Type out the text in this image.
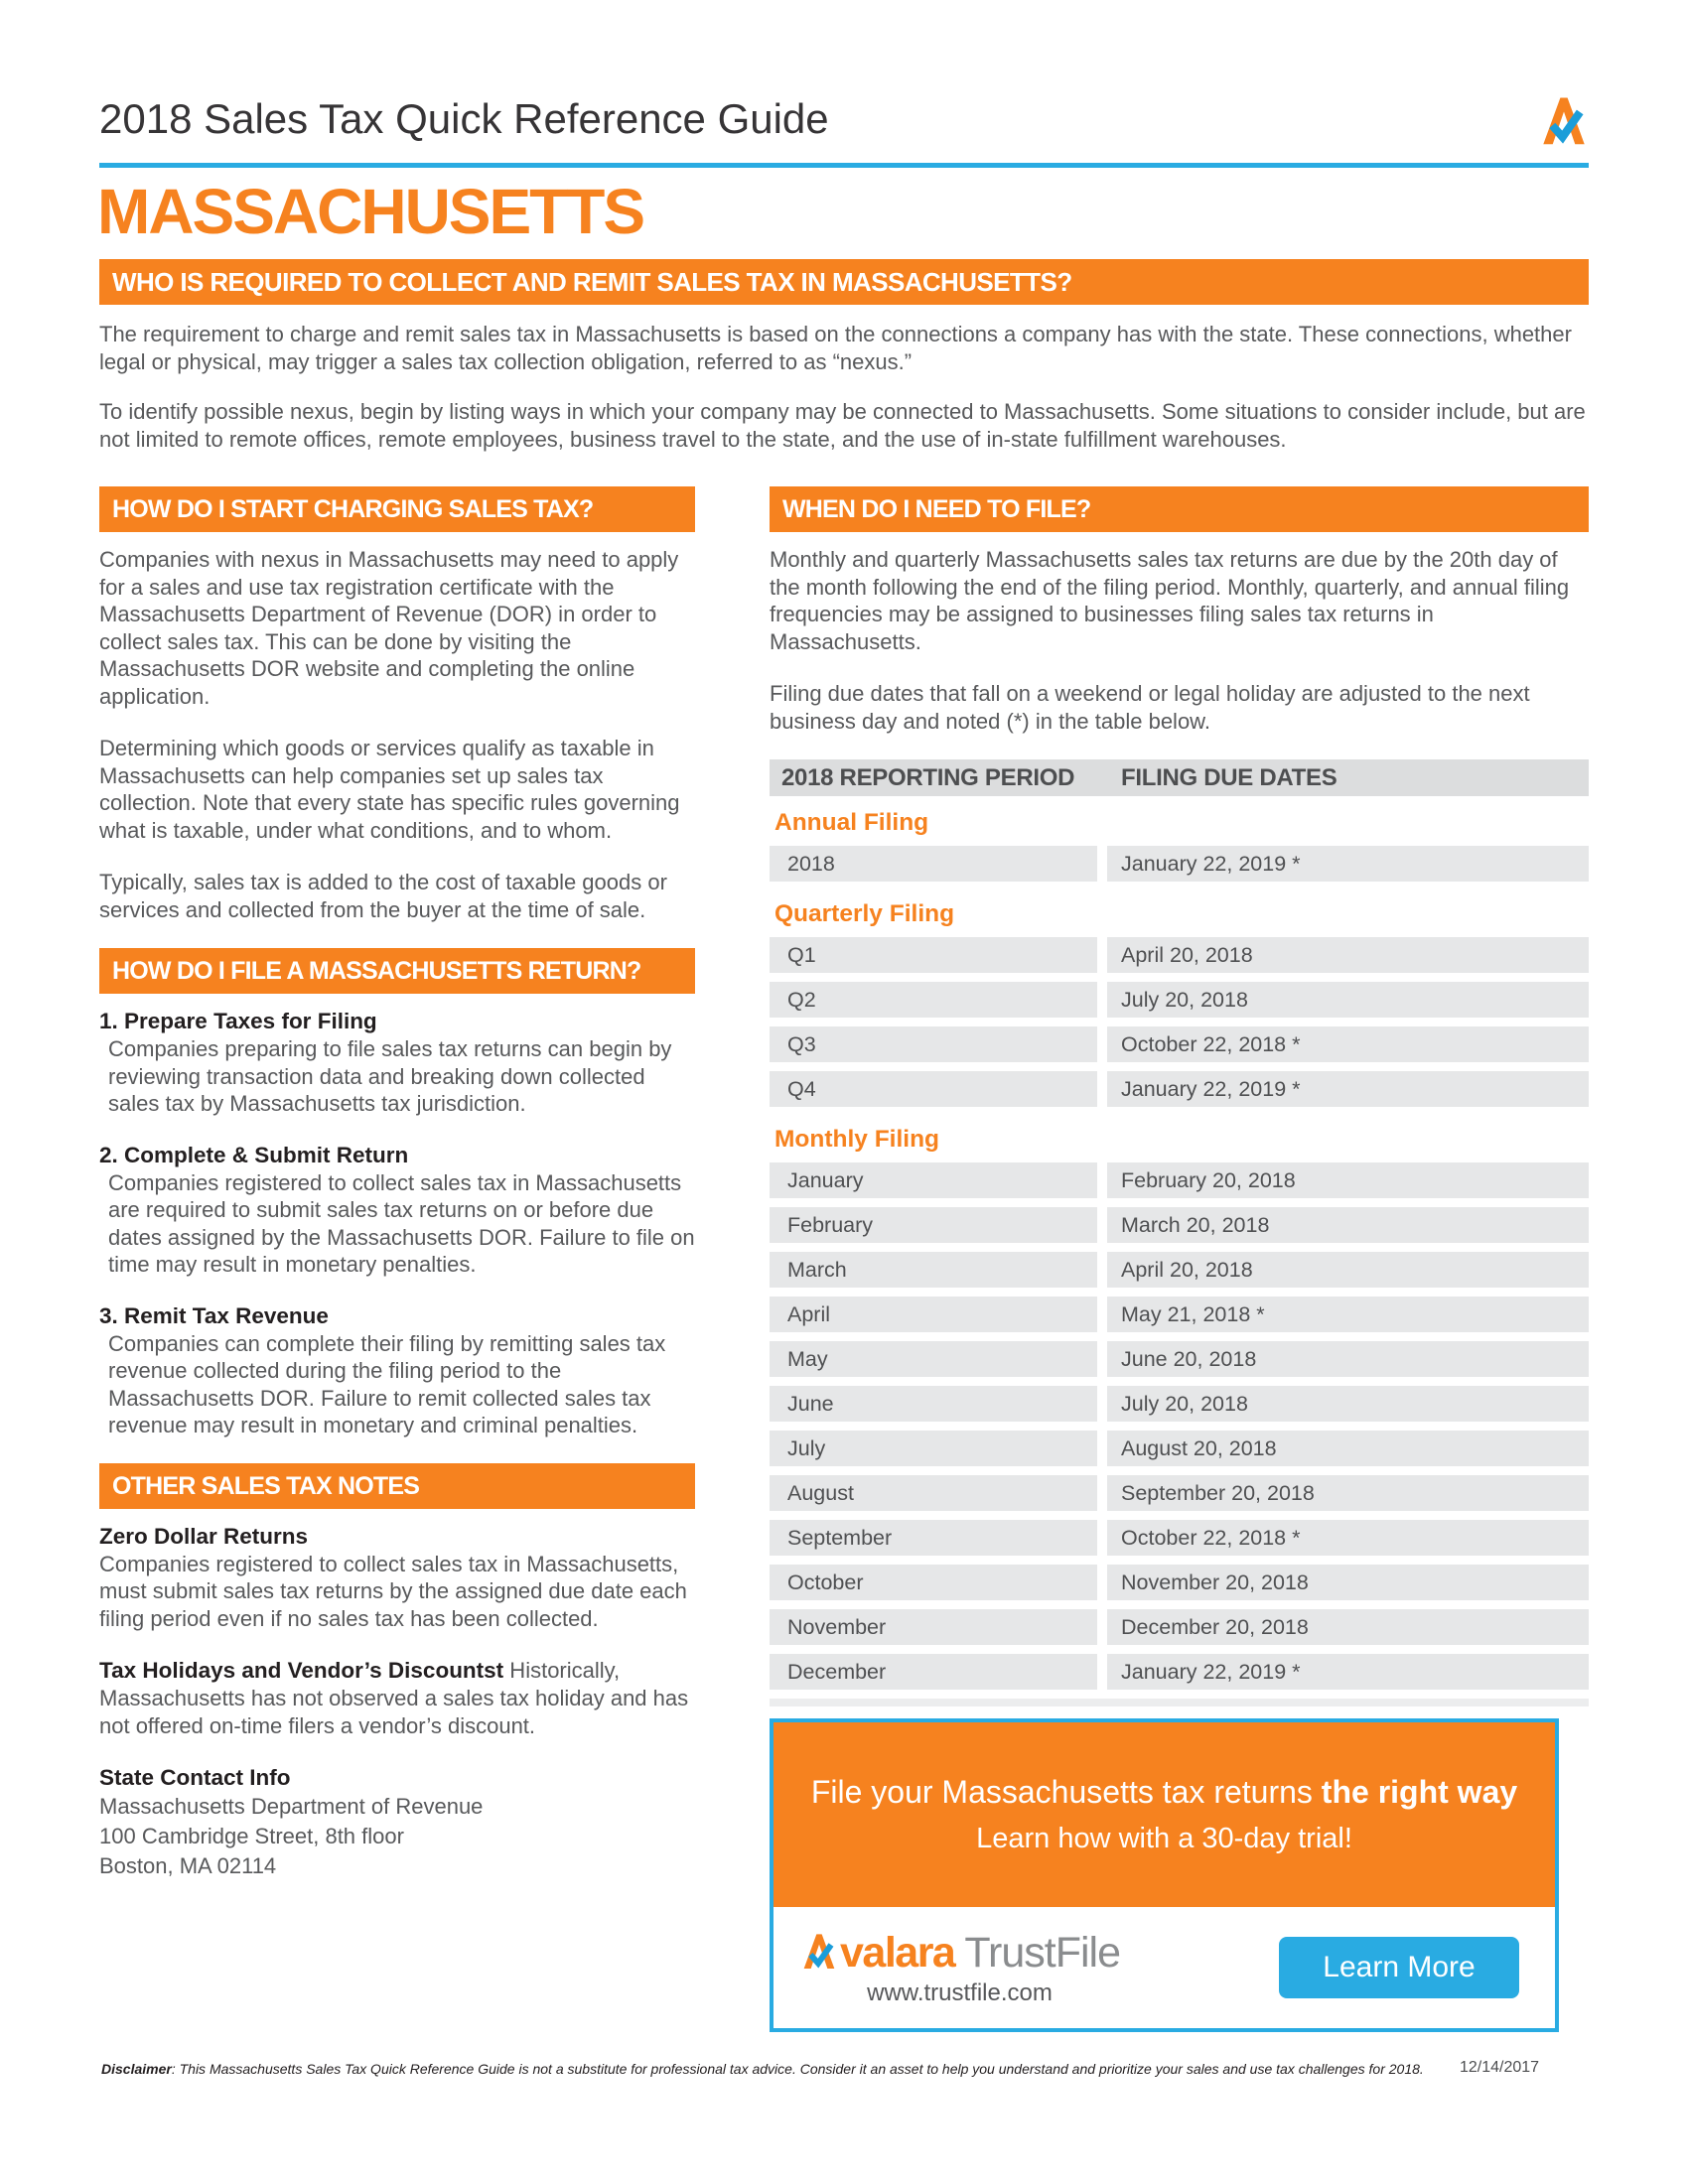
2018 Sales Tax Quick Reference Guide
MASSACHUSETTS
WHO IS REQUIRED TO COLLECT AND REMIT SALES TAX IN MASSACHUSETTS?

The requirement to charge and remit sales tax in Massachusetts is based on the connections a company has with the state. These connections, whether legal or physical, may trigger a sales tax collection obligation, referred to as “nexus.”

To identify possible nexus, begin by listing ways in which your company may be connected to Massachusetts. Some situations to consider include, but are not limited to remote offices, remote employees, business travel to the state, and the use of in-state fulfillment warehouses.

HOW DO I START CHARGING SALES TAX?

Companies with nexus in Massachusetts may need to apply for a sales and use tax registration certificate with the Massachusetts Department of Revenue (DOR) in order to collect sales tax. This can be done by visiting the Massachusetts DOR website and completing the online application.

Determining which goods or services qualify as taxable in Massachusetts can help companies set up sales tax collection. Note that every state has specific rules governing what is taxable, under what conditions, and to whom.

Typically, sales tax is added to the cost of taxable goods or services and collected from the buyer at the time of sale.

HOW DO I FILE A MASSACHUSETTS RETURN?
1. Prepare Taxes for Filing

Companies preparing to file sales tax returns can begin by reviewing transaction data and breaking down collected sales tax by Massachusetts tax jurisdiction.

2. Complete & Submit Return

Companies registered to collect sales tax in Massachusetts are required to submit sales tax returns on or before due dates assigned by the Massachusetts DOR. Failure to file on time may result in monetary penalties.

3. Remit Tax Revenue

Companies can complete their filing by remitting sales tax revenue collected during the filing period to the Massachusetts DOR. Failure to remit collected sales tax revenue may result in monetary and criminal penalties.

OTHER SALES TAX NOTES
Zero Dollar Returns

Companies registered to collect sales tax in Massachusetts, must submit sales tax returns by the assigned due date each filing period even if no sales tax has been collected.

Tax Holidays and Vendor’s Discountst Historically, Massachusetts has not observed a sales tax holiday and has not offered on-time filers a vendor’s discount.

State Contact Info
Massachusetts Department of Revenue
100 Cambridge Street, 8th floor
Boston, MA 02114
WHEN DO I NEED TO FILE?

Monthly and quarterly Massachusetts sales tax returns are due by the 20th day of the month following the end of the filing period. Monthly, quarterly, and annual filing frequencies may be assigned to businesses filing sales tax returns in Massachusetts.

Filing due dates that fall on a weekend or legal holiday are adjusted to the next business day and noted (*) in the table below.

2018 REPORTING PERIOD	FILING DUE DATES
Annual Filing
2018	January 22, 2019 *
Quarterly Filing
Q1	April 20, 2018
Q2	July 20, 2018
Q3	October 22, 2018 *
Q4	January 22, 2019 *
Monthly Filing
January	February 20, 2018
February	March 20, 2018
March	April 20, 2018
April	May 21, 2018 *
May	June 20, 2018
June	July 20, 2018
July	August 20, 2018
August	September 20, 2018
September	October 22, 2018 *
October	November 20, 2018
November	December 20, 2018
December	January 22, 2019 *
File your Massachusetts tax returns the right way
Learn how with a 30-day trial!
valara TrustFile
www.trustfile.com
Learn More
Disclaimer: This Massachusetts Sales Tax Quick Reference Guide is not a substitute for professional tax advice. Consider it an asset to help you understand and prioritize your sales and use tax challenges for 2018. 12/14/2017
